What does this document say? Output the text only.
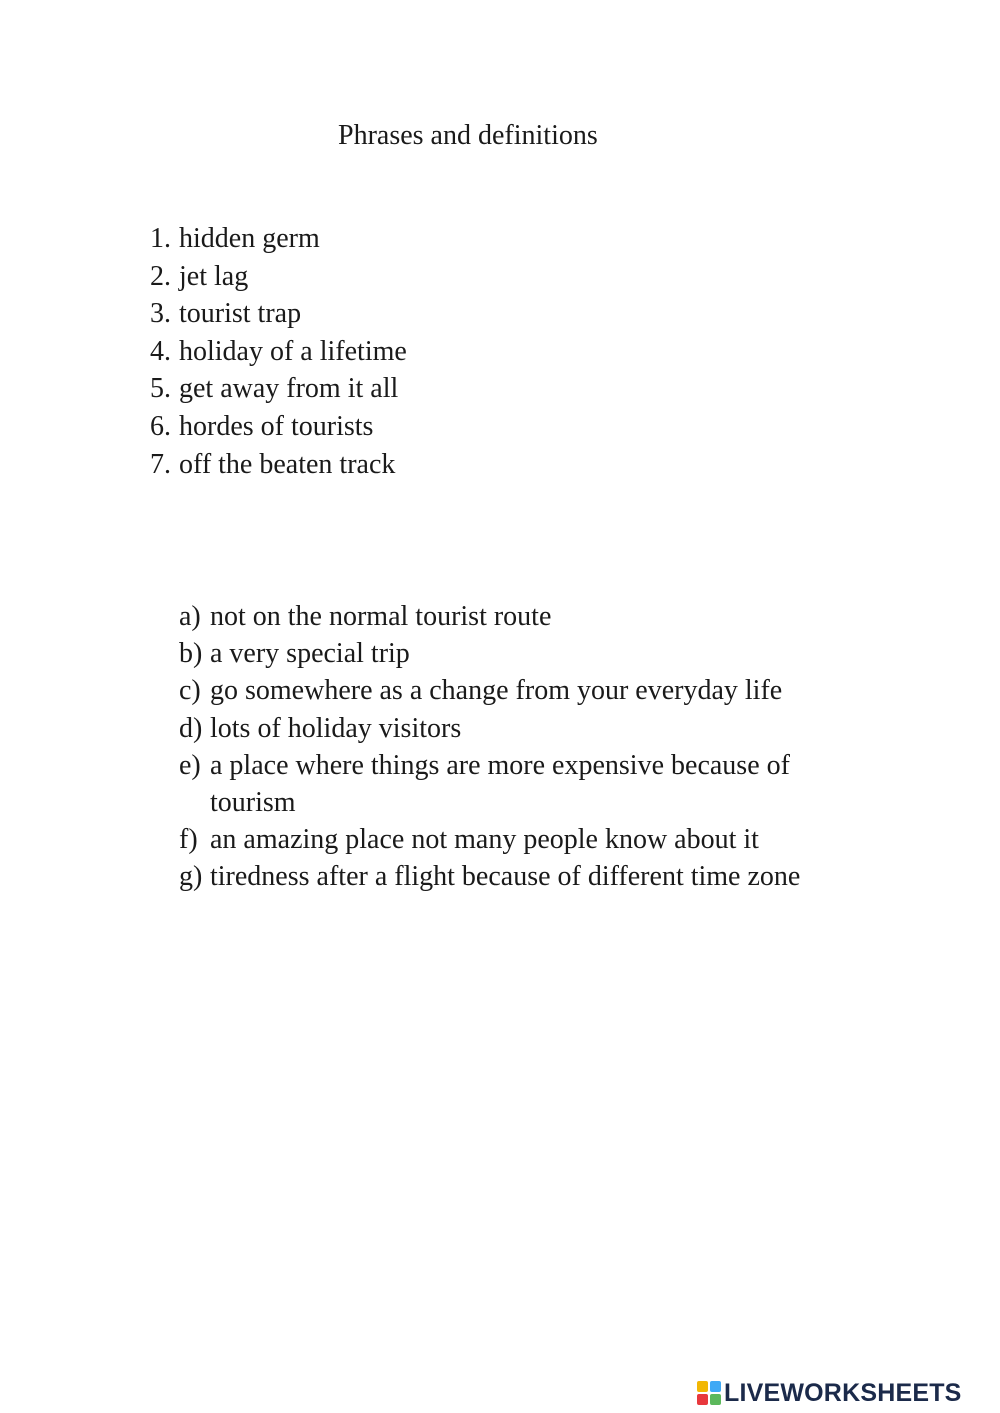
Phrases and definitions
1. hidden germ
2. jet lag
3. tourist trap
4. holiday of a lifetime
5. get away from it all
6. hordes of tourists
7. off the beaten track
a) not on the normal tourist route
b) a very special trip
c) go somewhere as a change from your everyday life
d) lots of holiday visitors
e) a place where things are more expensive because of tourism
f) an amazing place not many people know about it
g) tiredness after a flight because of different time zone
LIVEWORKSHEETS
